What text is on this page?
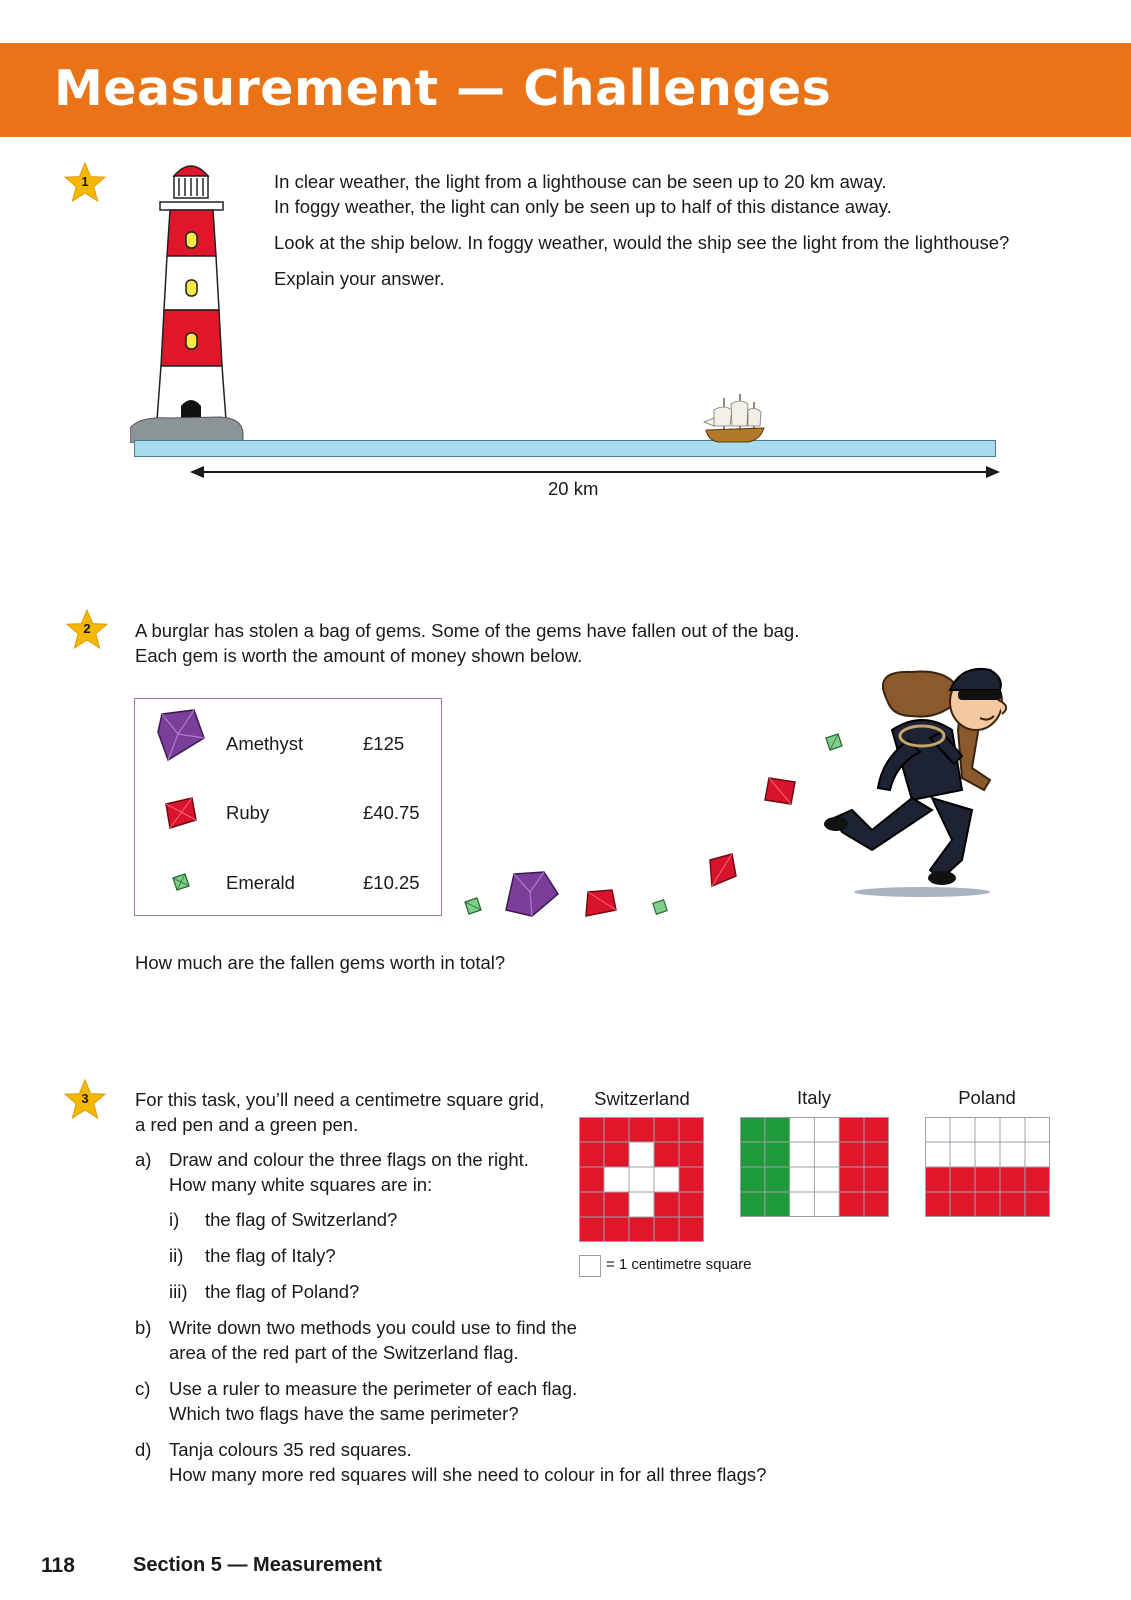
Measurement — Challenges
1	In clear weather, the light from a lighthouse can be seen up to 20 km away.
In foggy weather, the light can only be seen up to half of this distance away.
Look at the ship below. In foggy weather, would the ship see the light from the lighthouse?
Explain your answer.
20 km
2	A burglar has stolen a bag of gems. Some of the gems have fallen out of the bag.
Each gem is worth the amount of money shown below.
Amethyst	£125
Ruby	£40.75
Emerald	£10.25
How much are the fallen gems worth in total?
3	For this task, you’ll need a centimetre square grid,
a red pen and a green pen.
a) Draw and colour the three flags on the right.
How many white squares are in:
i) the flag of Switzerland?
ii) the flag of Italy?
iii) the flag of Poland?
b) Write down two methods you could use to find the
area of the red part of the Switzerland flag.
c) Use a ruler to measure the perimeter of each flag.
Which two flags have the same perimeter?
d) Tanja colours 35 red squares.
How many more red squares will she need to colour in for all three flags?
Switzerland	Italy	Poland
= 1 centimetre square
118	Section 5 — Measurement
